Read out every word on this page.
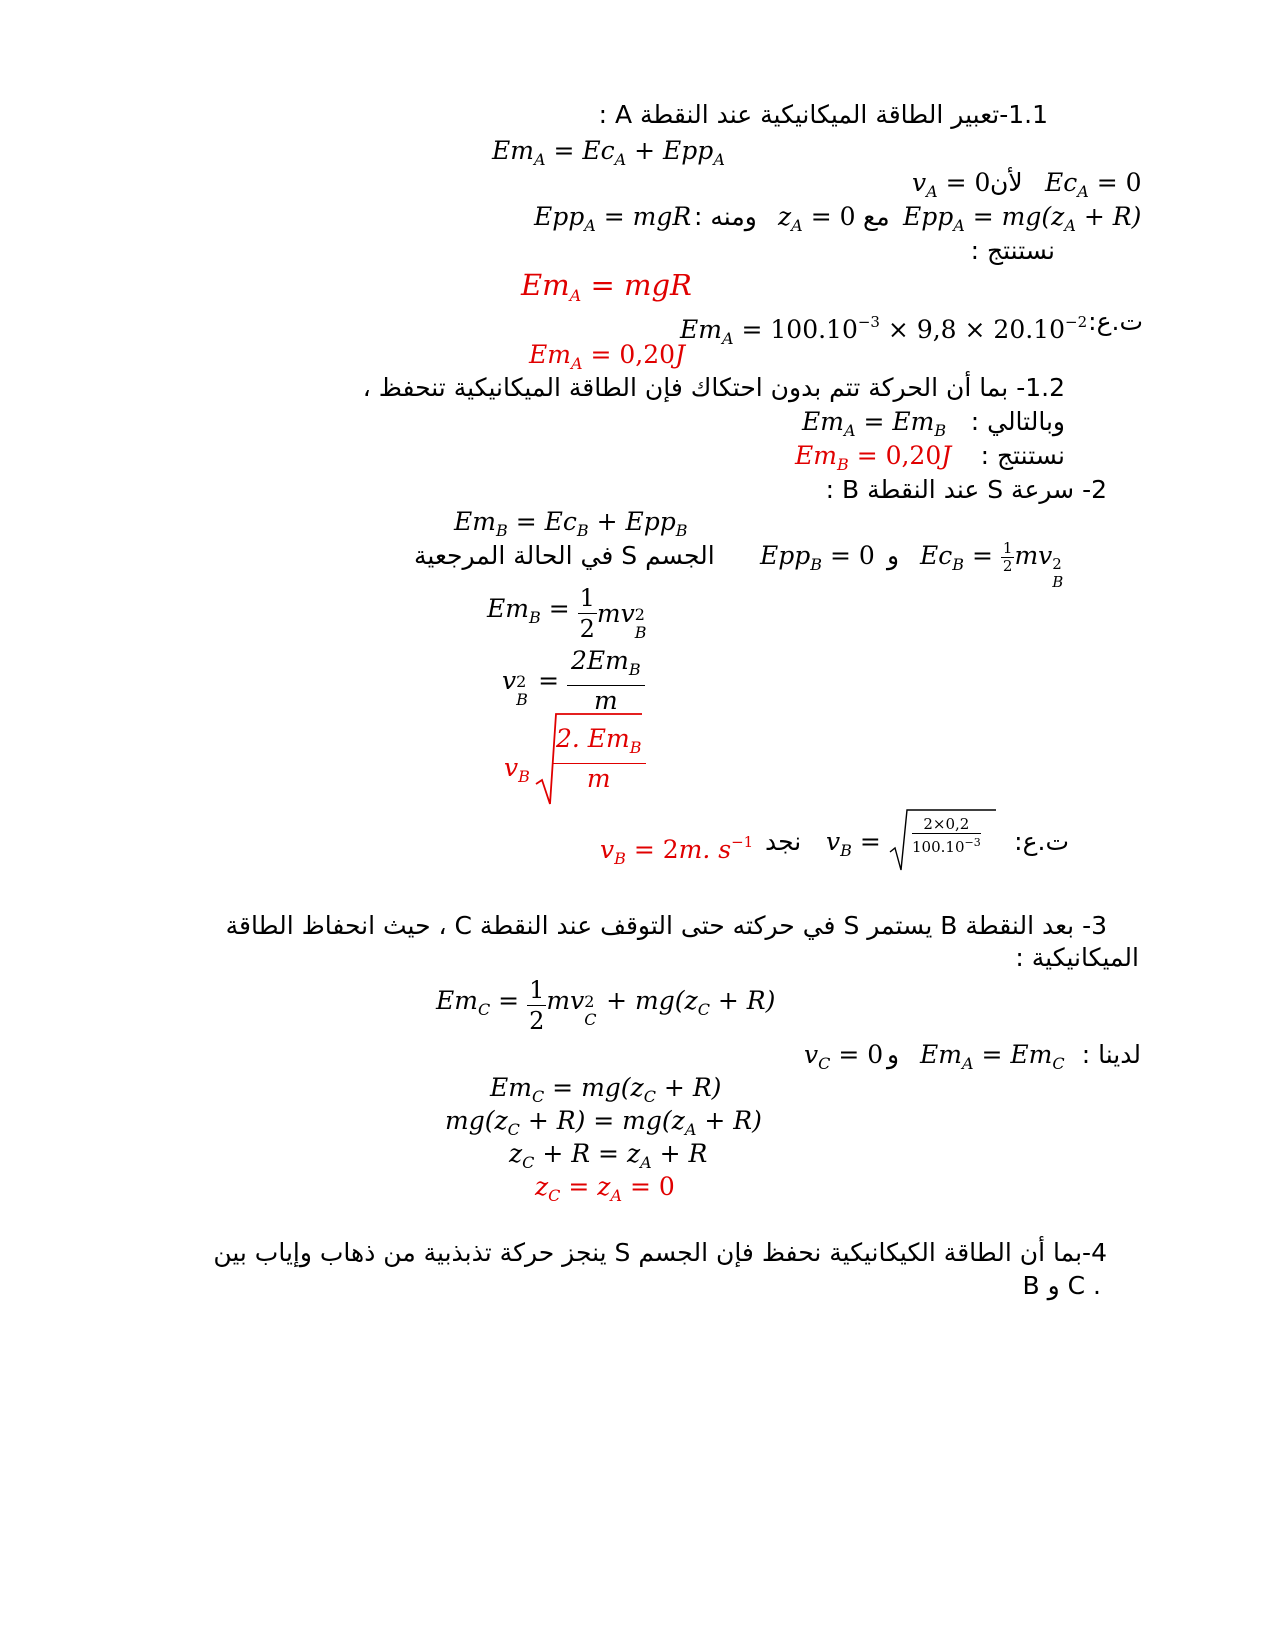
1.1-تعبير الطاقة الميكانيكية عند النقطة A :
$Em_A = Ec_A + Epp_A$
$Ec_A = 0$
لأن
$v_A = 0$
$Epp_A = mg(z_A + R)$
مع
$z_A = 0$
ومنه :
Epp$_A$ = mgR
نستنتج :
$Em_A$ = mgR
ت.ع:
$Em_A = 100.10^{-3} \times 9,8 \times 20.10^{-2}$
$Em_A = 0,20J$
1.2- بما أن الحركة تتم بدون احتكاك فإن الطاقة الميكانيكية تنحفظ ،
وبالتالي :
$Em_A = Em_B$
نستنتج :
$Em_B = 0,20J$
2- سرعة S عند النقطة B :
$Em_B = Ec_B + Epp_B$
$Ec_B = \frac{1}{2}$ mv 2
B
و
Epp$_B$ = 0
الجسم S في الحالة المرجعية
$Em_B = \frac{1}{2}$ mv 2
B
v 2
B
= $\frac{2Em_B}{m}$
$v_B$
2. $Em_B$
m
ت.ع:
$v_B$ =
2×0,2
$100.10^{-3}$
نجد
$v_B = 2m$. $s^{-1}$
3- بعد النقطة B يستمر S في حركته حتى التوقف عند النقطة C ، حيث انحفاظ الطاقة
الميكانيكية :
$Em_C = \frac{1}{2}$ mv 2
C
+ $mg(z_C + R)$
لدينا :
$Em_A = Em_C$
و
$v_C = 0$
$Em_C = mg(z_C + R)$
$mg(z_C + R) = mg(z_A + R)$
$z_C + R = z_A + R$
$z_C = z_A = 0$
4-بما أن الطاقة الكيكانيكية نحفظ فإن الجسم S ينجز حركة تذبذبية من ذهاب وإياب بين
B و C .
